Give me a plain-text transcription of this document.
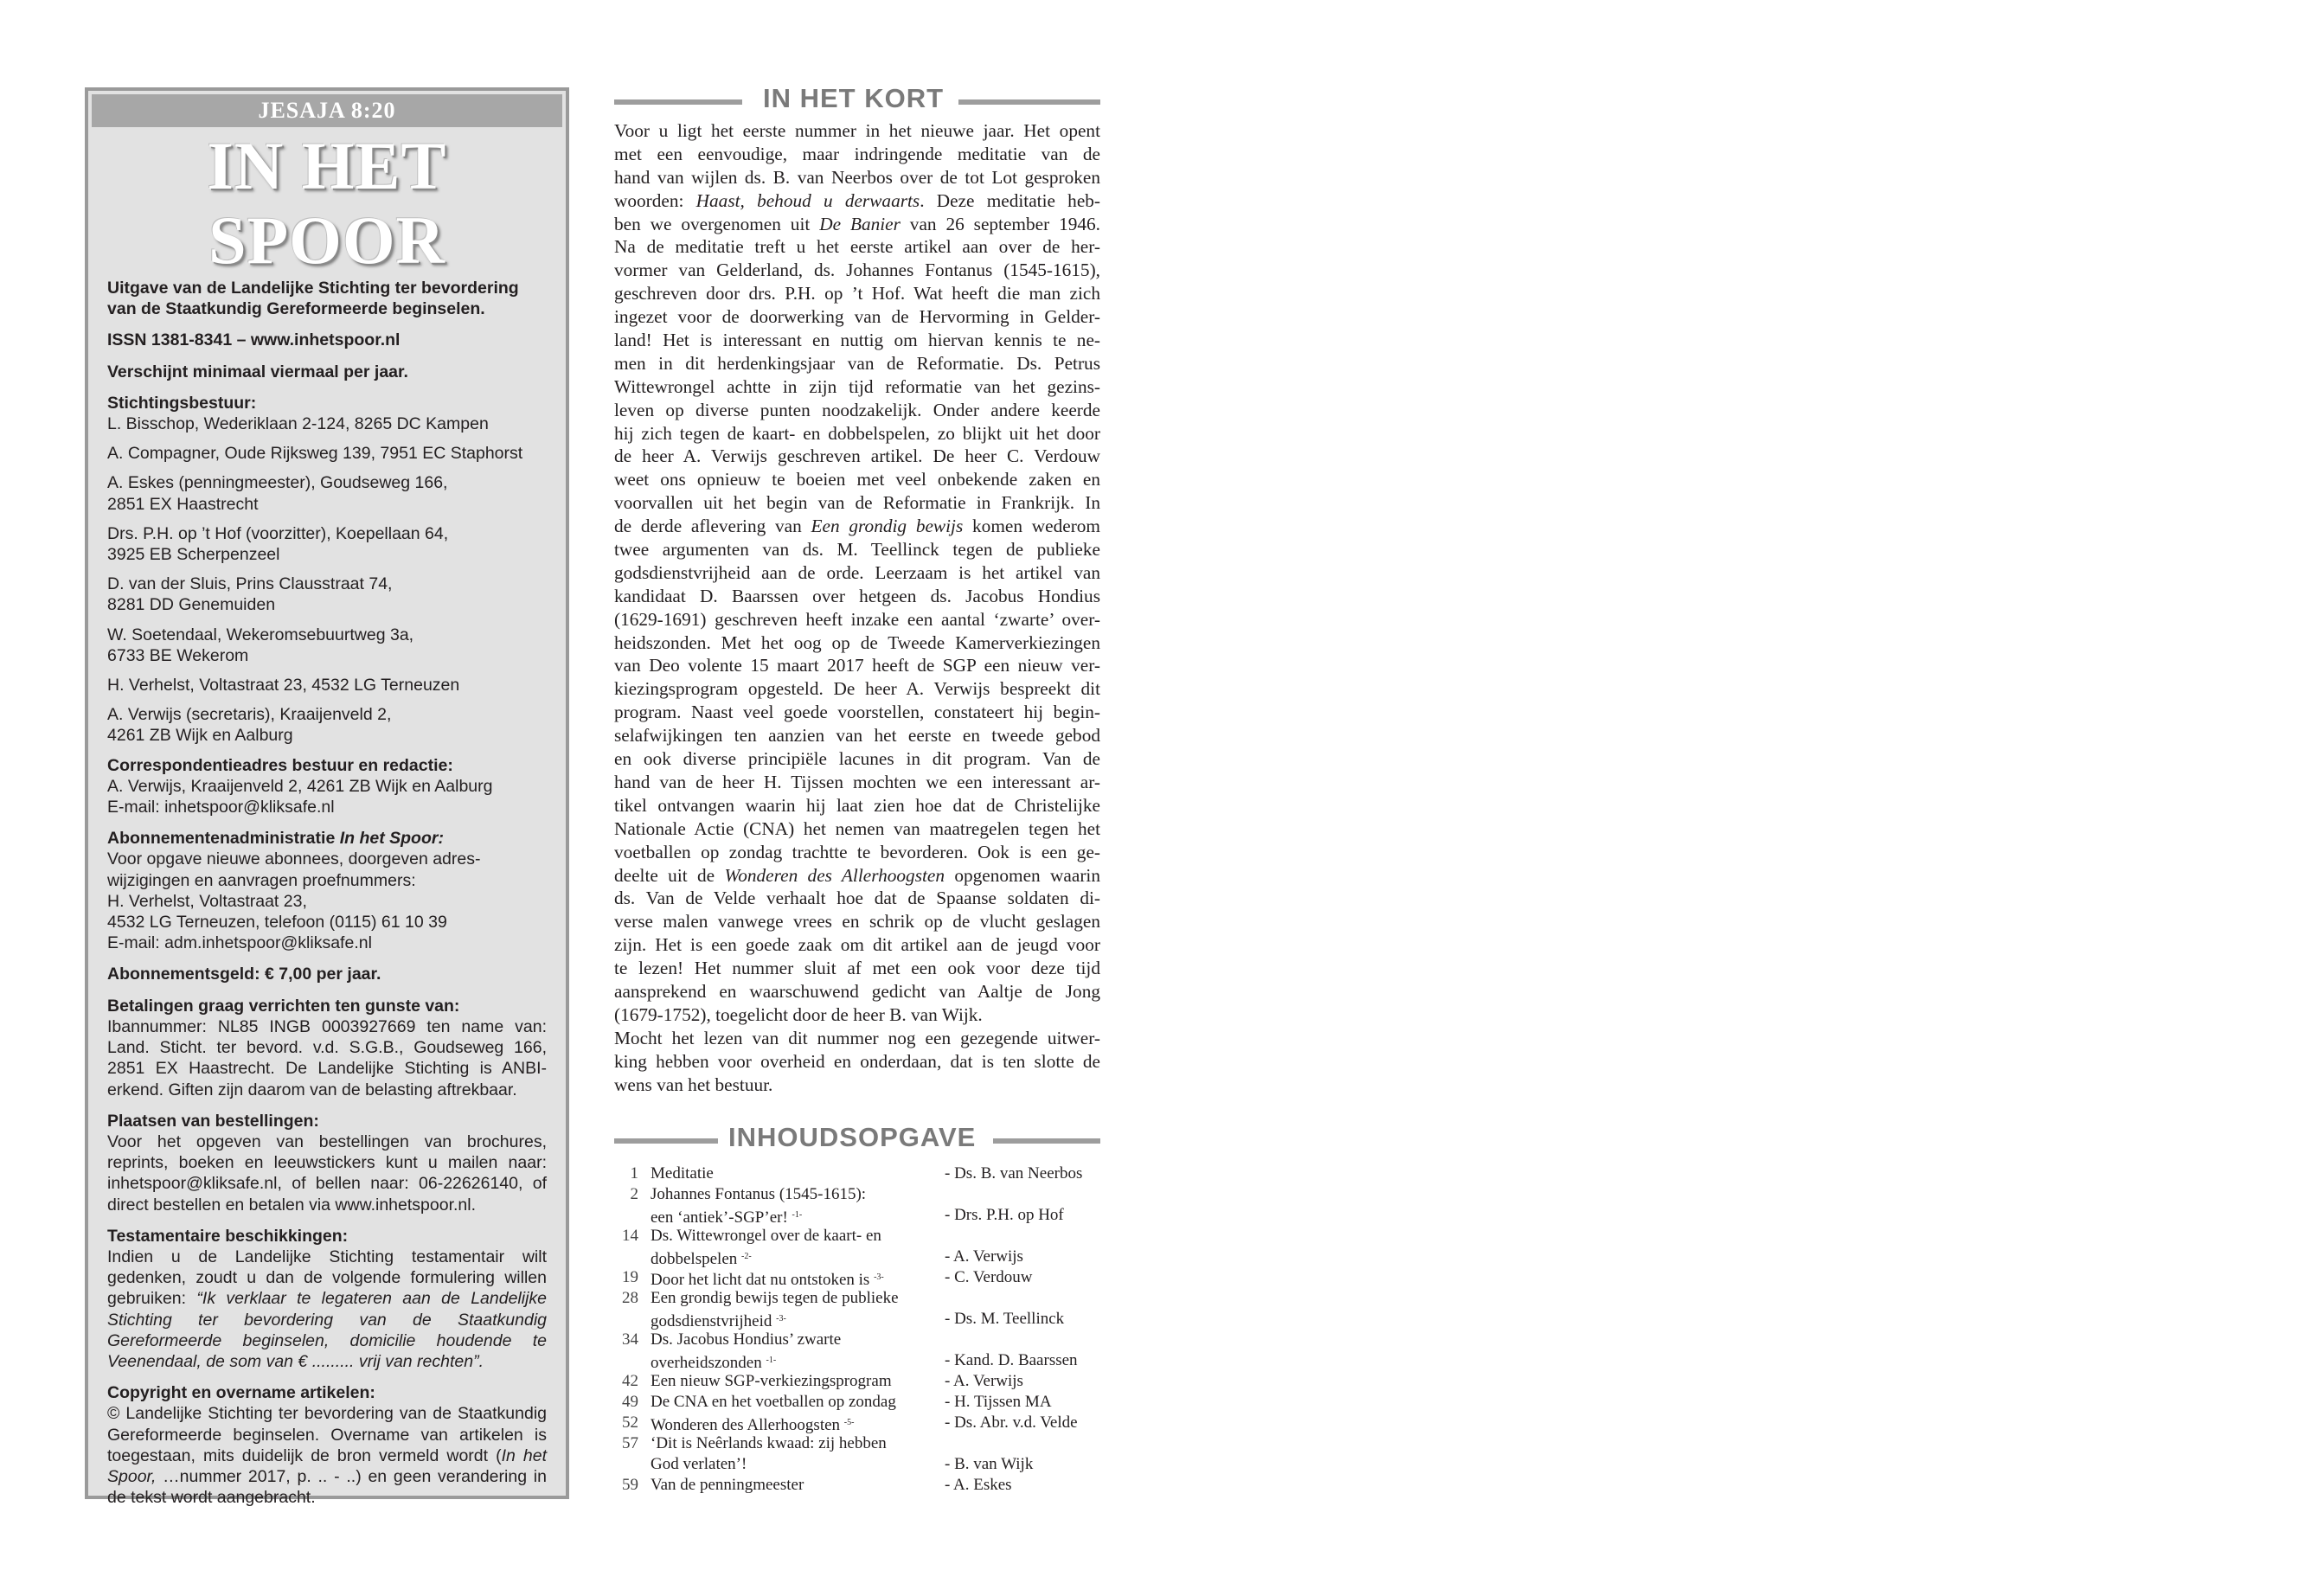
JESAJA 8:20
IN HET SPOOR

Uitgave van de Landelijke Stichting ter bevordering van de Staatkundig Gereformeerde beginselen.

ISSN 1381-8341 – www.inhetspoor.nl

Verschijnt minimaal viermaal per jaar.

Stichtingsbestuur:

L. Bisschop, Wederiklaan 2-124, 8265 DC Kampen

A. Compagner, Oude Rijksweg 139, 7951 EC Staphorst

A. Eskes (penningmeester), Goudseweg 166,
2851 EX Haastrecht

Drs. P.H. op ’t Hof (voorzitter), Koepellaan 64,
3925 EB Scherpenzeel

D. van der Sluis, Prins Clausstraat 74,
8281 DD Genemuiden

W. Soetendaal, Wekeromsebuurtweg 3a,
6733 BE Wekerom

H. Verhelst, Voltastraat 23, 4532 LG Terneuzen

A. Verwijs (secretaris), Kraaijenveld 2,
4261 ZB Wijk en Aalburg

Correspondentieadres bestuur en redactie:
A. Verwijs, Kraaijenveld 2, 4261 ZB Wijk en Aalburg
E-mail: inhetspoor@kliksafe.nl

Abonnementenadministratie In het Spoor:
Voor opgave nieuwe abonnees, doorgeven adres-
wijzigingen en aanvragen proefnummers:
H. Verhelst, Voltastraat 23,
4532 LG Terneuzen, telefoon (0115) 61 10 39
E-mail: adm.inhetspoor@kliksafe.nl

Abonnementsgeld: € 7,00 per jaar.

Betalingen graag verrichten ten gunste van:
Ibannummer: NL85 INGB 0003927669 ten name van: Land. Sticht. ter bevord. v.d. S.G.B., Goudseweg 166, 2851 EX Haastrecht. De Landelijke Stichting is ANBI-erkend. Giften zijn daarom van de belasting aftrekbaar.

Plaatsen van bestellingen:
Voor het opgeven van bestellingen van brochures, reprints, boeken en leeuwstickers kunt u mailen naar: inhetspoor@kliksafe.nl, of bellen naar: 06-22626140, of direct bestellen en betalen via www.inhetspoor.nl.

Testamentaire beschikkingen:
Indien u de Landelijke Stichting testamentair wilt gedenken, zoudt u dan de volgende formulering willen gebruiken: “Ik verklaar te legateren aan de Landelijke Stichting ter bevordering van de Staatkundig Gereformeerde beginselen, domicilie houdende te Veenendaal, de som van € ......... vrij van rechten”.

Copyright en overname artikelen:
© Landelijke Stichting ter bevordering van de Staatkundig Gereformeerde beginselen. Overname van artikelen is toegestaan, mits duidelijk de bron vermeld wordt (In het Spoor, …nummer 2017, p. .. - ..) en geen verandering in de tekst wordt aangebracht.

IN HET KORT
Voor u ligt het eerste nummer in het nieuwe jaar. Het opent
met een eenvoudige, maar indringende meditatie van de
hand van wijlen ds. B. van Neerbos over de tot Lot gesproken
woorden: Haast, behoud u derwaarts. Deze meditatie heb-
ben we overgenomen uit De Banier van 26 september 1946.
Na de meditatie treft u het eerste artikel aan over de her-
vormer van Gelderland, ds. Johannes Fontanus (1545-1615),
geschreven door drs. P.H. op ’t Hof. Wat heeft die man zich
ingezet voor de doorwerking van de Hervorming in Gelder-
land! Het is interessant en nuttig om hiervan kennis te ne-
men in dit herdenkingsjaar van de Reformatie. Ds. Petrus
Wittewrongel achtte in zijn tijd reformatie van het gezins-
leven op diverse punten noodzakelijk. Onder andere keerde
hij zich tegen de kaart- en dobbelspelen, zo blijkt uit het door
de heer A. Verwijs geschreven artikel. De heer C. Verdouw
weet ons opnieuw te boeien met veel onbekende zaken en
voorvallen uit het begin van de Reformatie in Frankrijk. In
de derde aflevering van Een grondig bewijs komen wederom
twee argumenten van ds. M. Teellinck tegen de publieke
godsdienstvrijheid aan de orde. Leerzaam is het artikel van
kandidaat D. Baarssen over hetgeen ds. Jacobus Hondius
(1629-1691) geschreven heeft inzake een aantal ‘zwarte’ over-
heidszonden. Met het oog op de Tweede Kamerverkiezingen
van Deo volente 15 maart 2017 heeft de SGP een nieuw ver-
kiezingsprogram opgesteld. De heer A. Verwijs bespreekt dit
program. Naast veel goede voorstellen, constateert hij begin-
selafwijkingen ten aanzien van het eerste en tweede gebod
en ook diverse principiële lacunes in dit program. Van de
hand van de heer H. Tijssen mochten we een interessant ar-
tikel ontvangen waarin hij laat zien hoe dat de Christelijke
Nationale Actie (CNA) het nemen van maatregelen tegen het
voetballen op zondag trachtte te bevorderen. Ook is een ge-
deelte uit de Wonderen des Allerhoogsten opgenomen waarin
ds. Van de Velde verhaalt hoe dat de Spaanse soldaten di-
verse malen vanwege vrees en schrik op de vlucht geslagen
zijn. Het is een goede zaak om dit artikel aan de jeugd voor
te lezen! Het nummer sluit af met een ook voor deze tijd
aansprekend en waarschuwend gedicht van Aaltje de Jong
(1679-1752), toegelicht door de heer B. van Wijk.
Mocht het lezen van dit nummer nog een gezegende uitwer-
king hebben voor overheid en onderdaan, dat is ten slotte de
wens van het bestuur.
INHOUDSOPGAVE
1 Meditatie	- Ds. B. van Neerbos
2 Johannes Fontanus (1545-1615):
een ‘antiek’-SGP’er! $^{-1-}$	- Drs. P.H. op Hof
14 Ds. Wittewrongel over de kaart- en
dobbelspelen $^{-2-}$	- A. Verwijs
19 Door het licht dat nu ontstoken is $^{-3-}$	- C. Verdouw
28 Een grondig bewijs tegen de publieke
godsdienstvrijheid $^{-3-}$	- Ds. M. Teellinck
34 Ds. Jacobus Hondius’ zwarte
overheidszonden $^{-1-}$	- Kand. D. Baarssen
42 Een nieuw SGP-verkiezingsprogram	- A. Verwijs
49 De CNA en het voetballen op zondag	- H. Tijssen MA
52 Wonderen des Allerhoogsten $^{-5-}$	- Ds. Abr. v.d. Velde
57 ‘Dit is Neêrlands kwaad: zij hebben
God verlaten’!	- B. van Wijk
59 Van de penningmeester	- A. Eskes
